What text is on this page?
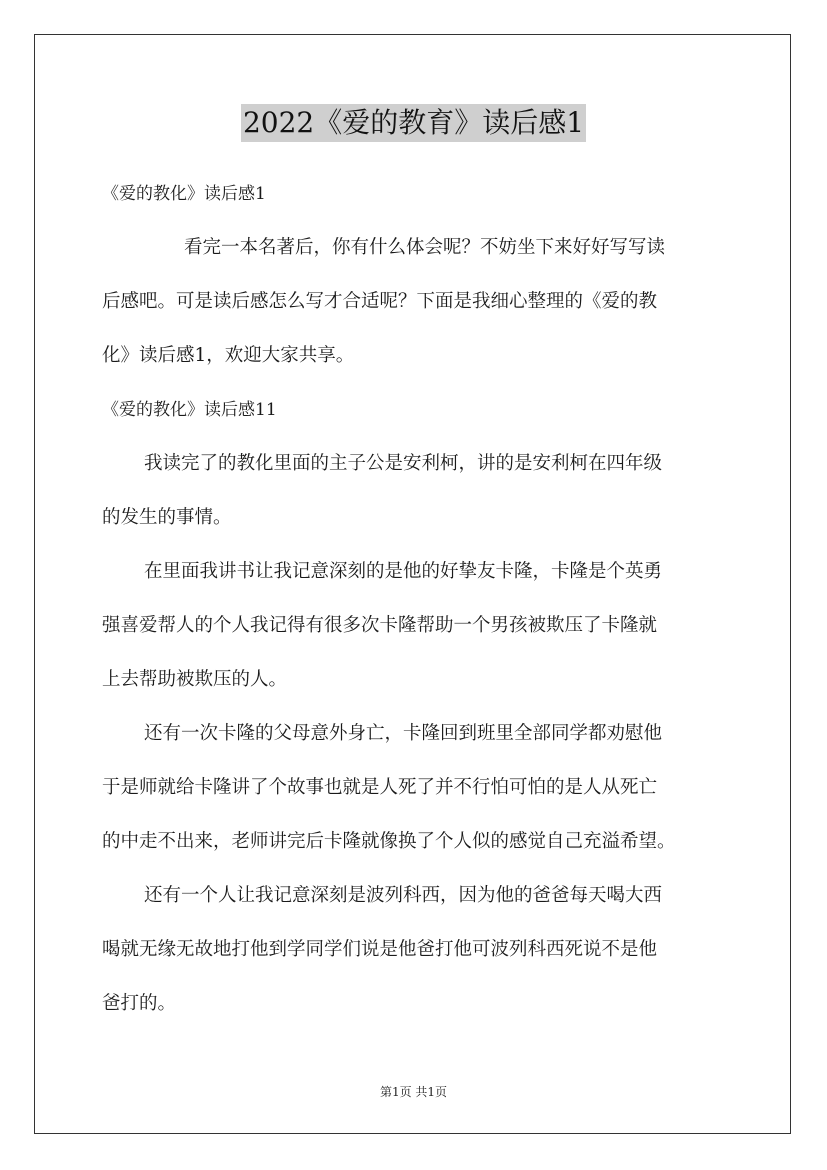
2022《爱的教育》读后感1
《爱的教化》读后感1
看完一本名著后，你有什么体会呢？不妨坐下来好好写写读
后感吧。可是读后感怎么写才合适呢？下面是我细心整理的《爱的教
化》读后感1，欢迎大家共享。
《爱的教化》读后感11
我读完了的教化里面的主子公是安利柯，讲的是安利柯在四年级
的发生的事情。
在里面我讲书让我记意深刻的是他的好挚友卡隆，卡隆是个英勇
强喜爱帮人的个人我记得有很多次卡隆帮助一个男孩被欺压了卡隆就
上去帮助被欺压的人。
还有一次卡隆的父母意外身亡，卡隆回到班里全部同学都劝慰他
于是师就给卡隆讲了个故事也就是人死了并不行怕可怕的是人从死亡
的中走不出来，老师讲完后卡隆就像换了个人似的感觉自己充溢希望。
还有一个人让我记意深刻是波列科西，因为他的爸爸每天喝大西
喝就无缘无故地打他到学同学们说是他爸打他可波列科西死说不是他
爸打的。
第1页 共1页
